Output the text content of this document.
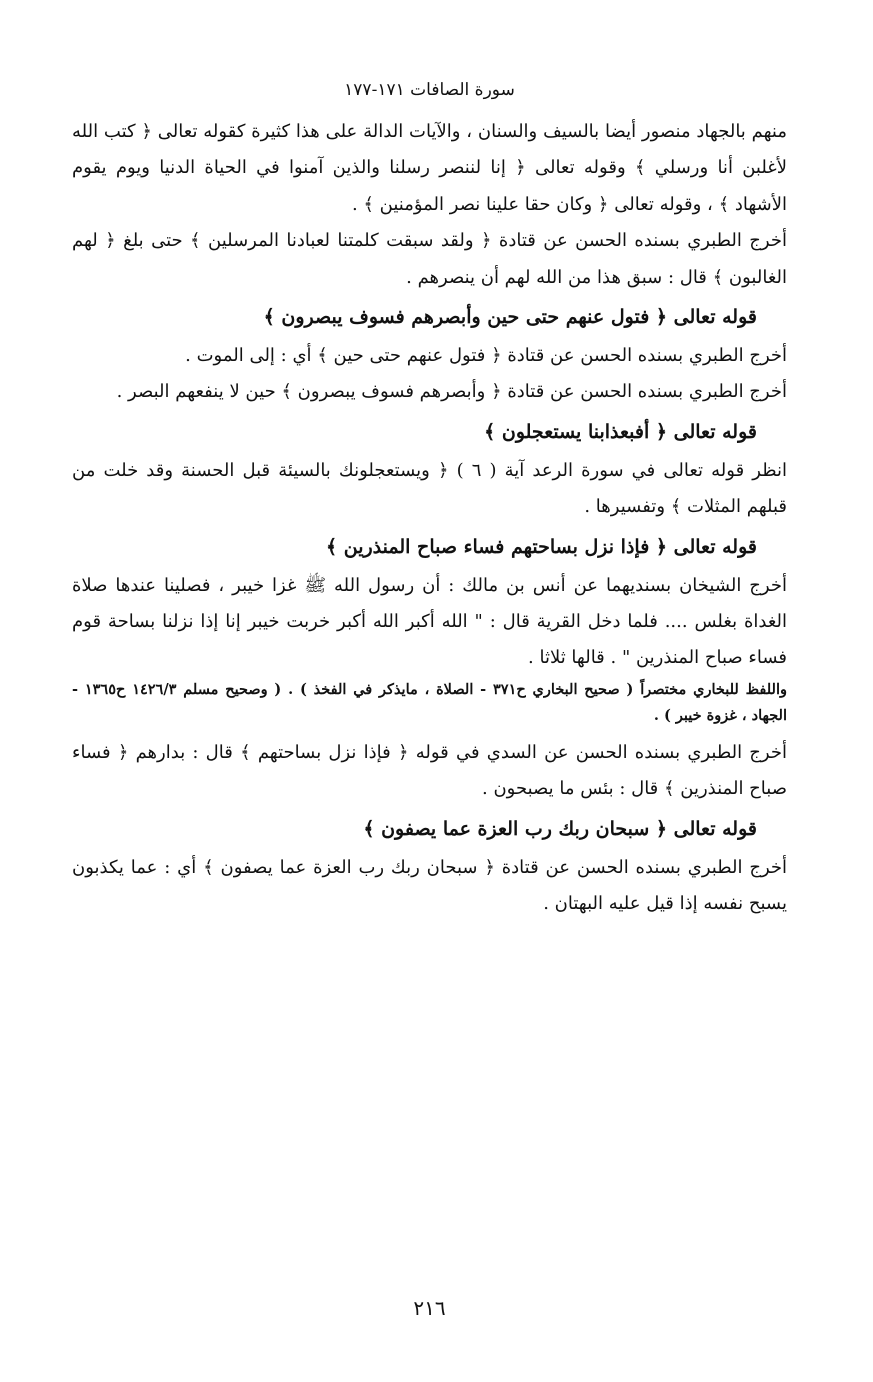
سورة الصافات ١٧١-١٧٧

منهم بالجهاد منصور أيضا بالسيف والسنان ، والآيات الدالة على هذا كثيرة كقوله تعالى ﴿ كتب الله لأغلبن أنا ورسلي ﴾ وقوله تعالى ﴿ إنا لننصر رسلنا والذين آمنوا في الحياة الدنيا ويوم يقوم الأشهاد ﴾ ، وقوله تعالى ﴿ وكان حقا علينا نصر المؤمنين ﴾ .

أخرج الطبري بسنده الحسن عن قتادة ﴿ ولقد سبقت كلمتنا لعبادنا المرسلين ﴾ حتى بلغ ﴿ لهم الغالبون ﴾ قال : سبق هذا من الله لهم أن ينصرهم .

قوله تعالى ﴿ فتول عنهم حتى حين وأبصرهم فسوف يبصرون ﴾

أخرج الطبري بسنده الحسن عن قتادة ﴿ فتول عنهم حتى حين ﴾ أي : إلى الموت .

أخرج الطبري بسنده الحسن عن قتادة ﴿ وأبصرهم فسوف يبصرون ﴾ حين لا ينفعهم البصر .

قوله تعالى ﴿ أفبعذابنا يستعجلون ﴾

انظر قوله تعالى في سورة الرعد آية ( ٦ ) ﴿ ويستعجلونك بالسيئة قبل الحسنة وقد خلت من قبلهم المثلات ﴾ وتفسيرها .

قوله تعالى ﴿ فإذا نزل بساحتهم فساء صباح المنذرين ﴾

أخرج الشيخان بسنديهما عن أنس بن مالك : أن رسول الله ﷺ غزا خيبر ، فصلينا عندها صلاة الغداة بغلس .... فلما دخل القرية قال : " الله أكبر الله أكبر خربت خيبر إنا إذا نزلنا بساحة قوم فساء صباح المنذرين " . قالها ثلاثا .

واللفظ للبخاري مختصراً ( صحيح البخاري ح٣٧١ - الصلاة ، مايذكر في الفخذ ) . ( وصحيح مسلم ١٤٢٦/٣ ح١٣٦٥ - الجهاد ، غزوة خيبر ) .

أخرج الطبري بسنده الحسن عن السدي في قوله ﴿ فإذا نزل بساحتهم ﴾ قال : بدارهم ﴿ فساء صباح المنذرين ﴾ قال : بئس ما يصبحون .

قوله تعالى ﴿ سبحان ربك رب العزة عما يصفون ﴾

أخرج الطبري بسنده الحسن عن قتادة ﴿ سبحان ربك رب العزة عما يصفون ﴾ أي : عما يكذبون يسبح نفسه إذا قيل عليه البهتان .

٢١٦
